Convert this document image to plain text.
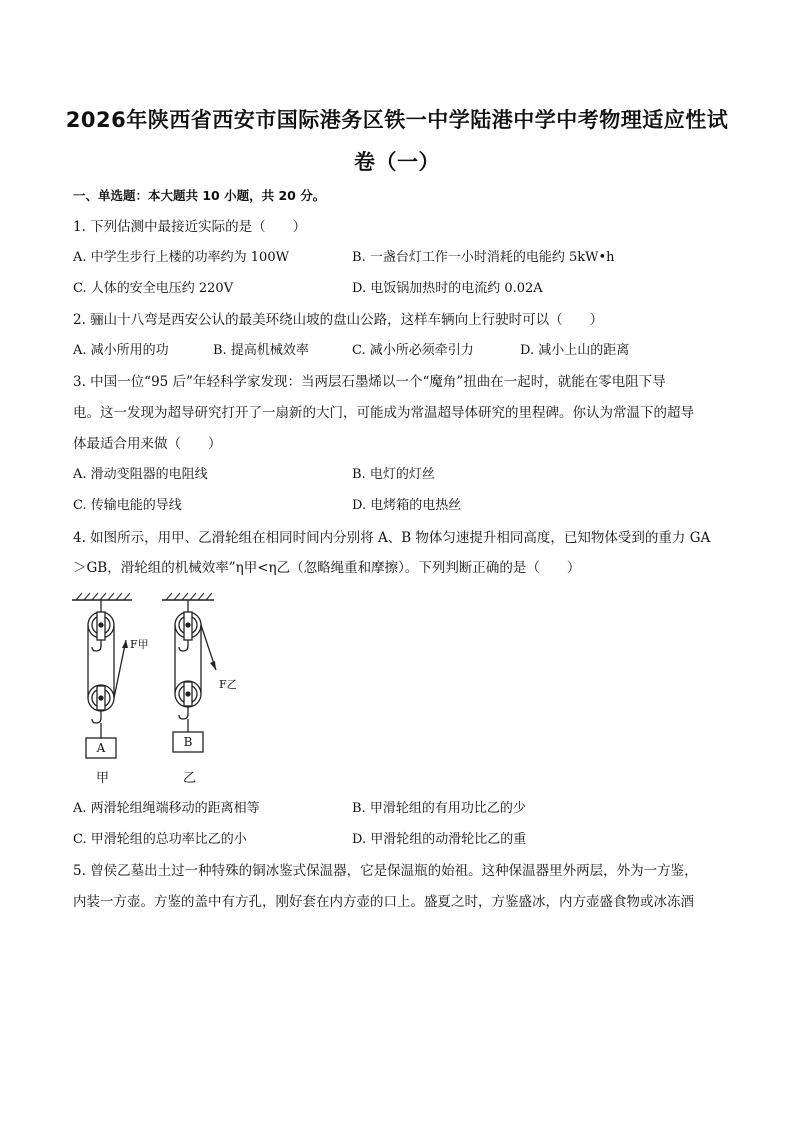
2026年陕西省西安市国际港务区铁一中学陆港中学中考物理适应性试
卷（一）
一、单选题：本大题共 10 小题，共 20 分。
1. 下列估测中最接近实际的是（　　）
A. 中学生步行上楼的功率约为 100W	B. 一盏台灯工作一小时消耗的电能约 5kW•h
C. 人体的安全电压约 220V	D. 电饭锅加热时的电流约 0.02A
2. 骊山十八弯是西安公认的最美环绕山坡的盘山公路，这样车辆向上行驶时可以（　　）
A. 减小所用的功	B. 提高机械效率	C. 减小所必须牵引力	D. 减小上山的距离
3. 中国一位“95 后”年轻科学家发现：当两层石墨烯以一个“魔角”扭曲在一起时，就能在零电阻下导
电。这一发现为超导研究打开了一扇新的大门，可能成为常温超导体研究的里程碑。你认为常温下的超导
体最适合用来做（　　）
A. 滑动变阻器的电阻线	B. 电灯的灯丝
C. 传输电能的导线	D. 电烤箱的电热丝
4. 如图所示，用甲、乙滑轮组在相同时间内分别将 A、B 物体匀速提升相同高度，已知物体受到的重力 GA
＞GB，滑轮组的机械效率”η甲<η乙（忽略绳重和摩擦）。下列判断正确的是（　　）
A
F甲
甲
B
F乙
乙
A. 两滑轮组绳端移动的距离相等	B. 甲滑轮组的有用功比乙的少
C. 甲滑轮组的总功率比乙的小	D. 甲滑轮组的动滑轮比乙的重
5. 曾侯乙墓出土过一种特殊的铜冰鉴式保温器，它是保温瓶的始祖。这种保温器里外两层，外为一方鉴，
内装一方壶。方鉴的盖中有方孔，刚好套在内方壶的口上。盛夏之时，方鉴盛冰，内方壶盛食物或冰冻酒
